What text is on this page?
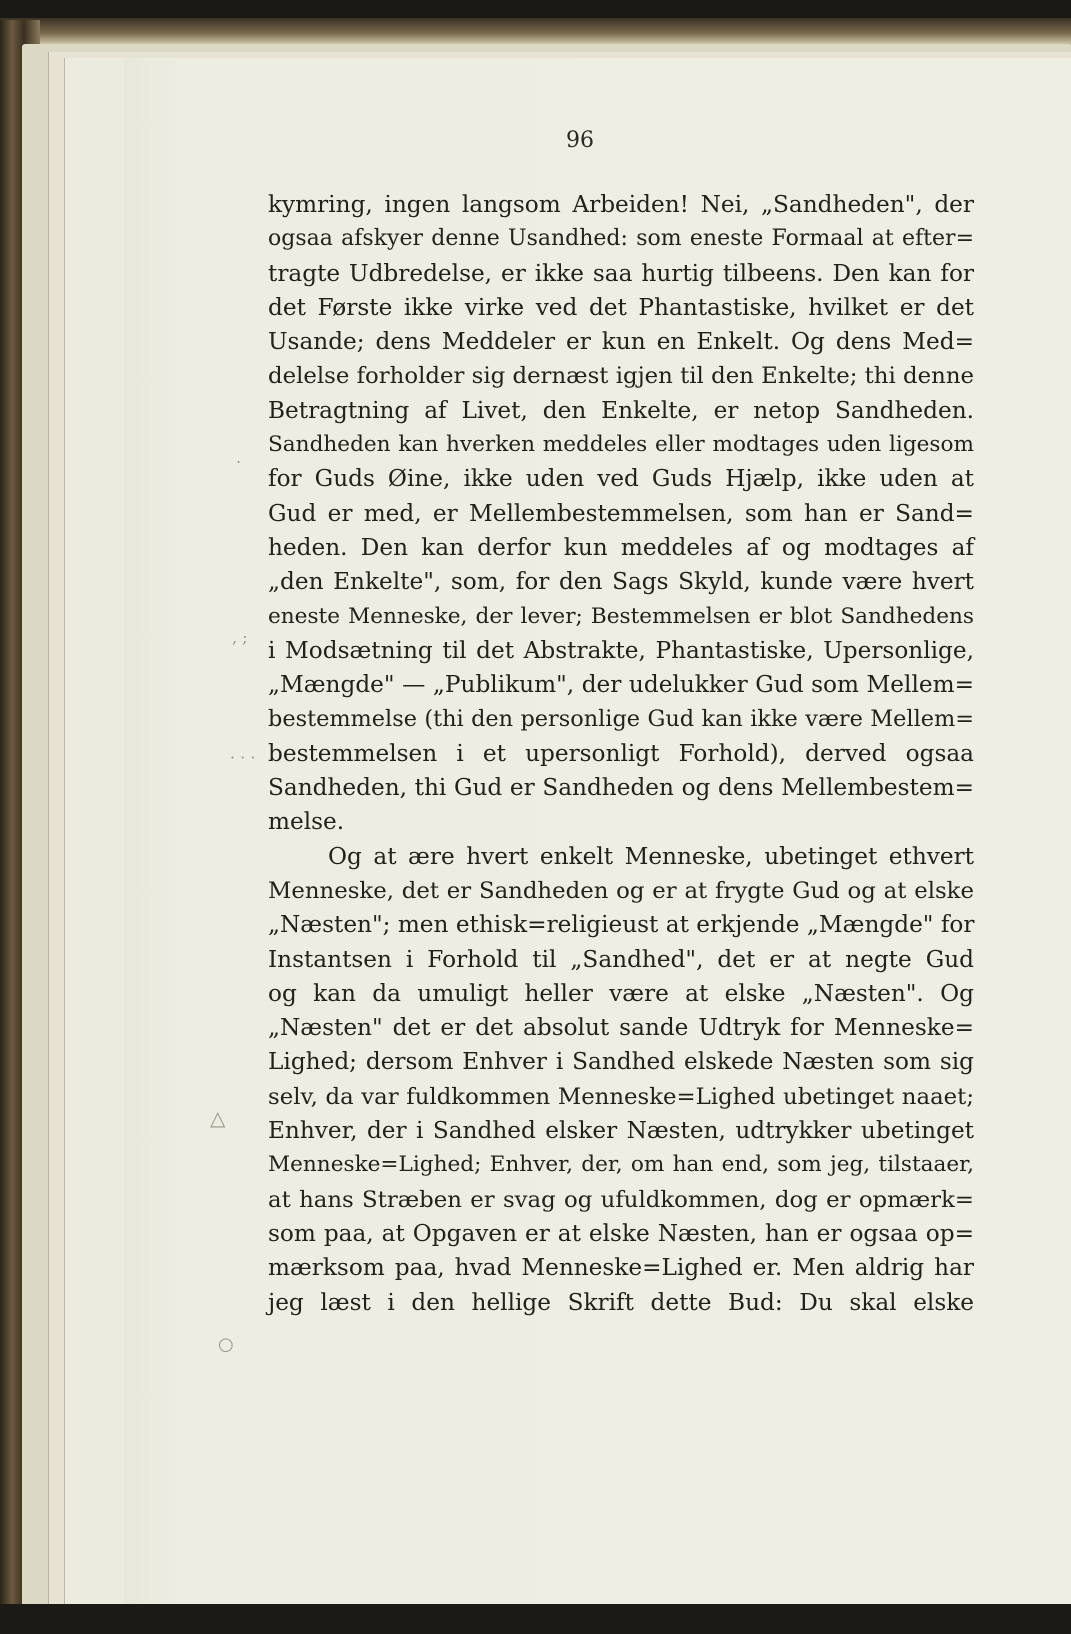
.
, ;
· · ·
△
○
96
kymring, ingen langsom Arbeiden! Nei, „Sandheden", der
ogsaa afskyer denne Usandhed: som eneste Formaal at efter=
tragte Udbredelse, er ikke saa hurtig tilbeens. Den kan for
det Første ikke virke ved det Phantastiske, hvilket er det
Usande; dens Meddeler er kun en Enkelt. Og dens Med=
delelse forholder sig dernæst igjen til den Enkelte; thi denne
Betragtning af Livet, den Enkelte, er netop Sandheden.
Sandheden kan hverken meddeles eller modtages uden ligesom
for Guds Øine, ikke uden ved Guds Hjælp, ikke uden at
Gud er med, er Mellembestemmelsen, som han er Sand=
heden. Den kan derfor kun meddeles af og modtages af
„den Enkelte", som, for den Sags Skyld, kunde være hvert
eneste Menneske, der lever; Bestemmelsen er blot Sandhedens
i Modsætning til det Abstrakte, Phantastiske, Upersonlige,
„Mængde" — „Publikum", der udelukker Gud som Mellem=
bestemmelse (thi den personlige Gud kan ikke være Mellem=
bestemmelsen i et upersonligt Forhold), derved ogsaa
Sandheden, thi Gud er Sandheden og dens Mellembestem=
melse.
Og at ære hvert enkelt Menneske, ubetinget ethvert
Menneske, det er Sandheden og er at frygte Gud og at elske
„Næsten"; men ethisk=religieust at erkjende „Mængde" for
Instantsen i Forhold til „Sandhed", det er at negte Gud
og kan da umuligt heller være at elske „Næsten". Og
„Næsten" det er det absolut sande Udtryk for Menneske=
Lighed; dersom Enhver i Sandhed elskede Næsten som sig
selv, da var fuldkommen Menneske=Lighed ubetinget naaet;
Enhver, der i Sandhed elsker Næsten, udtrykker ubetinget
Menneske=Lighed; Enhver, der, om han end, som jeg, tilstaaer,
at hans Stræben er svag og ufuldkommen, dog er opmærk=
som paa, at Opgaven er at elske Næsten, han er ogsaa op=
mærksom paa, hvad Menneske=Lighed er. Men aldrig har
jeg læst i den hellige Skrift dette Bud: Du skal elske
